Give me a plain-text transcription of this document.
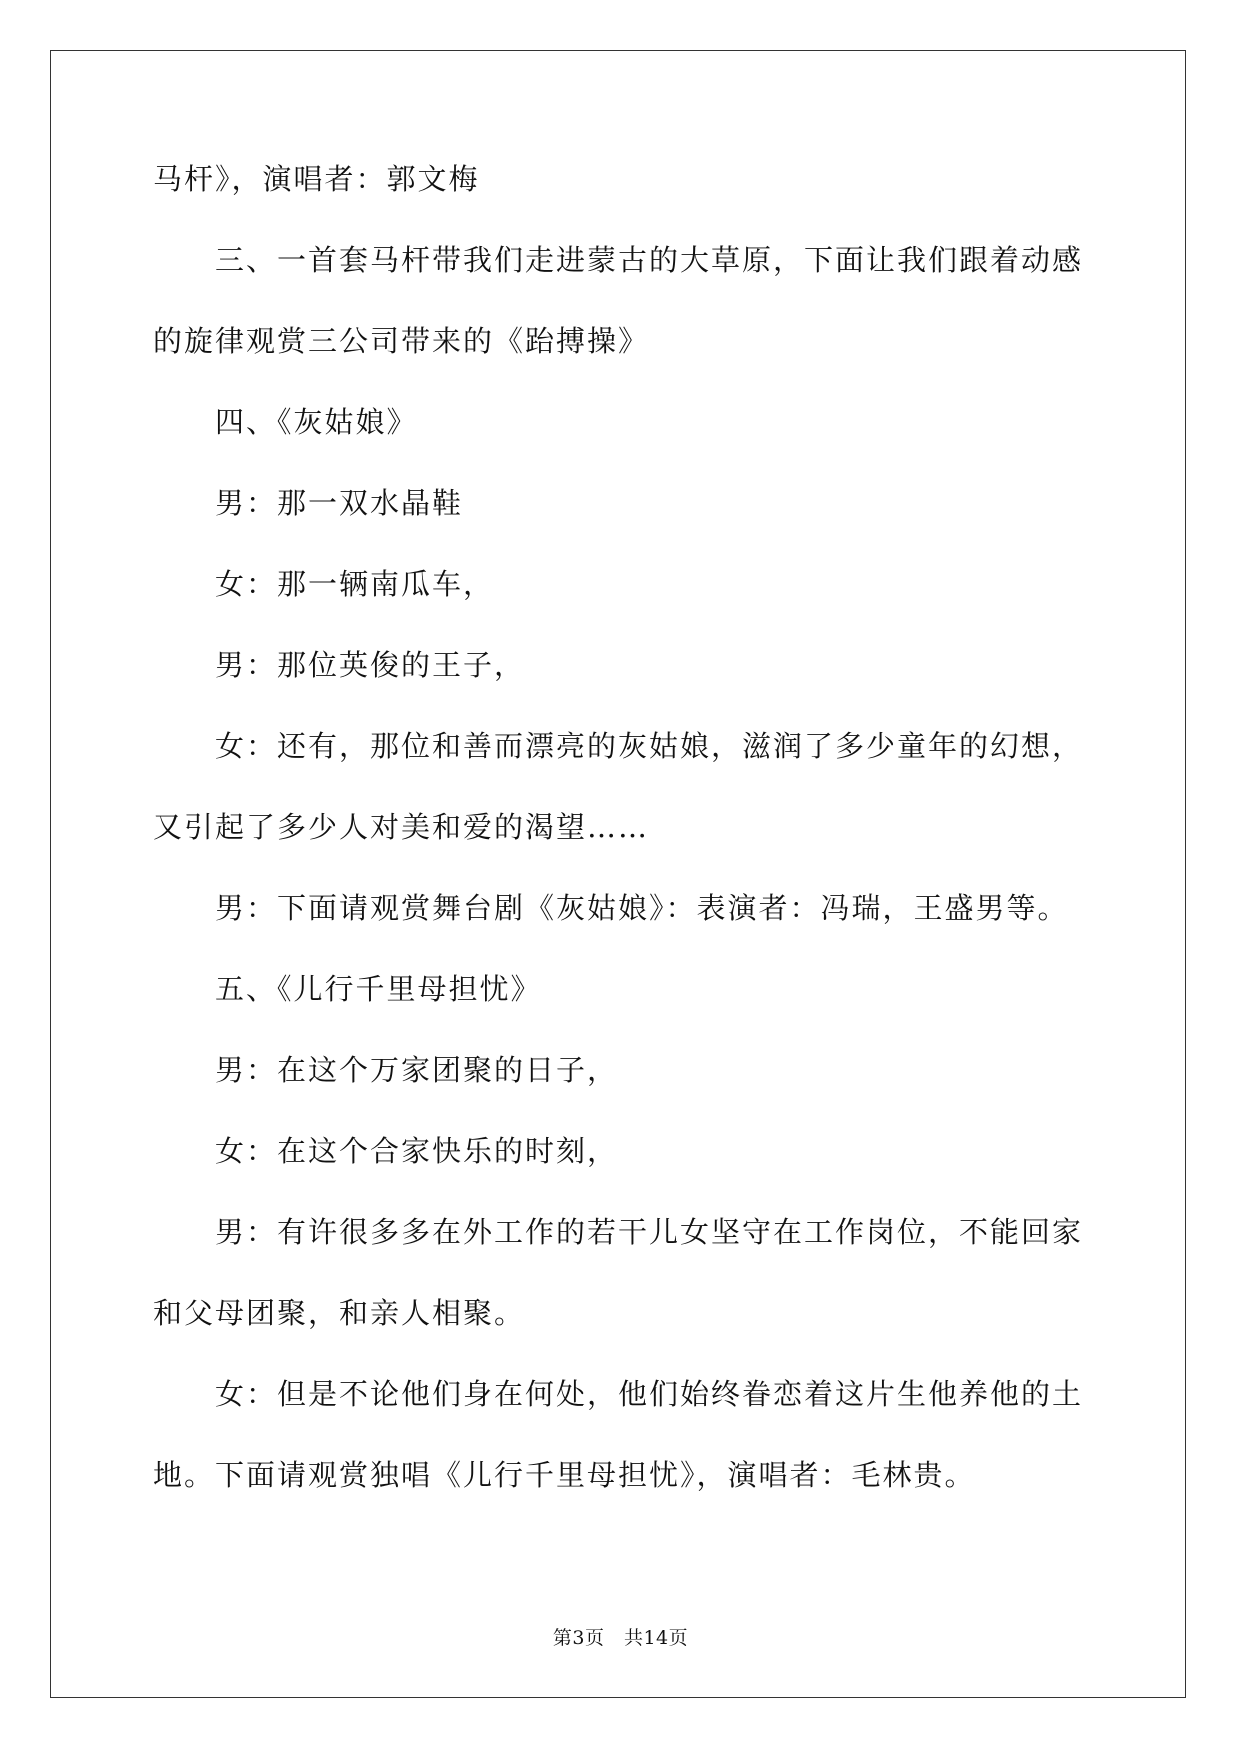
马杆》，演唱者：郭文梅
三、一首套马杆带我们走进蒙古的大草原，下面让我们跟着动感
的旋律观赏三公司带来的《跆搏操》
四、《灰姑娘》
男：那一双水晶鞋
女：那一辆南瓜车，
男：那位英俊的王子，
女：还有，那位和善而漂亮的灰姑娘，滋润了多少童年的幻想，
又引起了多少人对美和爱的渴望……
男：下面请观赏舞台剧《灰姑娘》：表演者：冯瑞，王盛男等。
五、《儿行千里母担忧》
男：在这个万家团聚的日子，
女：在这个合家快乐的时刻，
男：有许很多多在外工作的若干儿女坚守在工作岗位，不能回家
和父母团聚，和亲人相聚。
女：但是不论他们身在何处，他们始终眷恋着这片生他养他的土
地。下面请观赏独唱《儿行千里母担忧》，演唱者：毛林贵。
第3页　共14页
